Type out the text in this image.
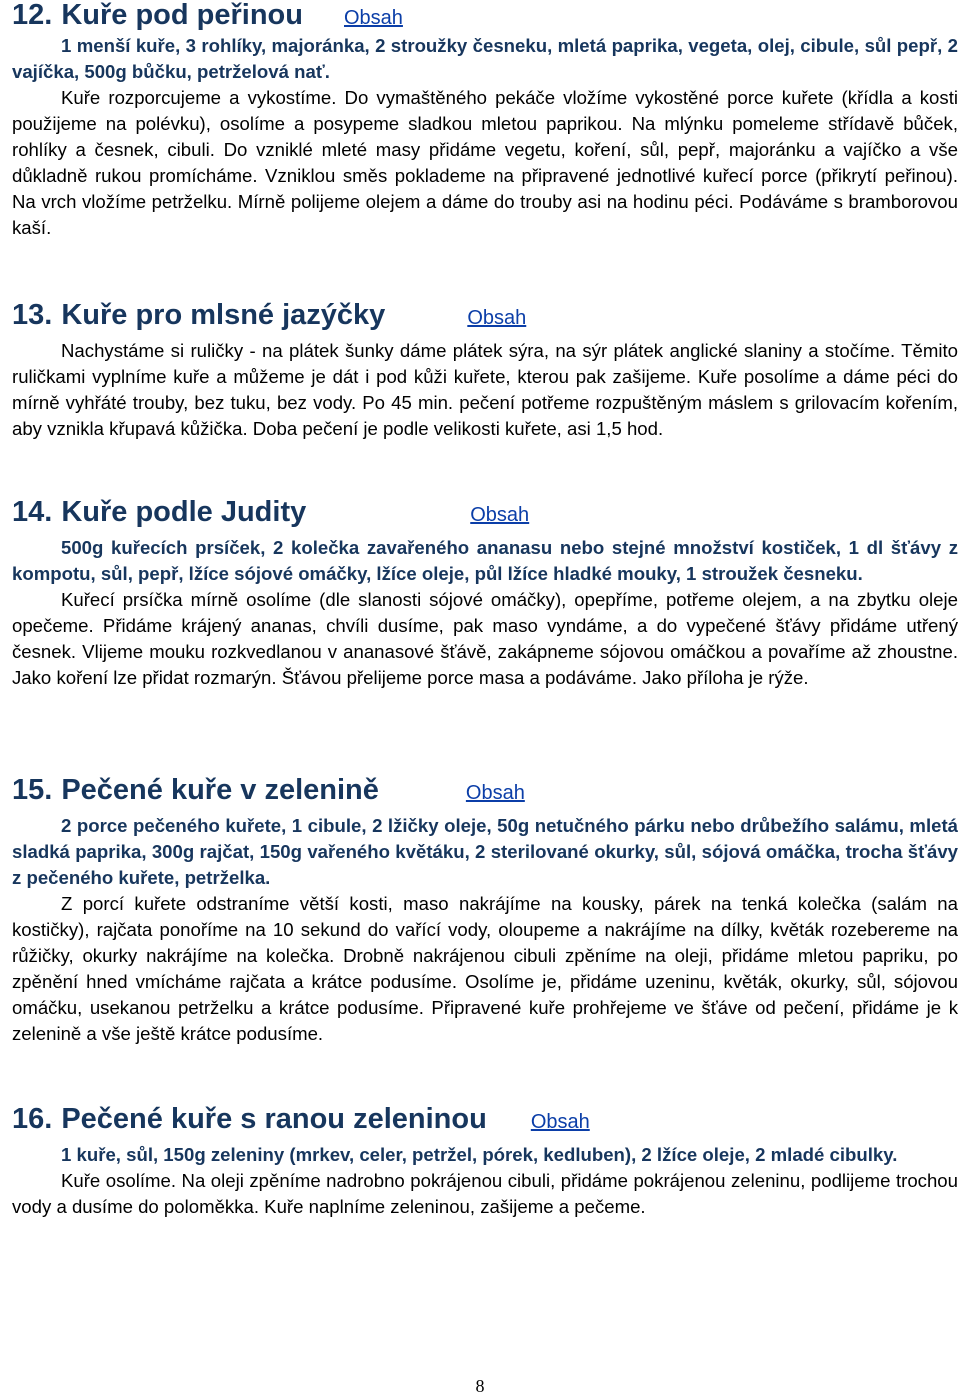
12. Kuře pod peřinou Obsah

1 menší kuře, 3 rohlíky, majoránka, 2 stroužky česneku, mletá paprika, vegeta, olej, cibule, sůl pepř, 2 vajíčka, 500g bůčku, petrželová nať.

Kuře rozporcujeme a vykostíme. Do vymaštěného pekáče vložíme vykostěné porce kuřete (křídla a kosti použijeme na polévku), osolíme a posypeme sladkou mletou paprikou. Na mlýnku pomeleme střídavě bůček, rohlíky a česnek, cibuli. Do vzniklé mleté masy přidáme vegetu, koření, sůl, pepř, majoránku a vajíčko a vše důkladně rukou promícháme. Vzniklou směs poklademe na připravené jednotlivé kuřecí porce (přikrytí peřinou). Na vrch vložíme petrželku. Mírně polijeme olejem a dáme do trouby asi na hodinu péci. Podáváme s bramborovou kaší.

13. Kuře pro mlsné jazýčky	Obsah

Nachystáme si ruličky - na plátek šunky dáme plátek sýra, na sýr plátek anglické slaniny a stočíme. Těmito ruličkami vyplníme kuře a můžeme je dát i pod kůži kuřete, kterou pak zašijeme. Kuře posolíme a dáme péci do mírně vyhřáté trouby, bez tuku, bez vody. Po 45 min. pečení potřeme rozpuštěným máslem s grilovacím kořením, aby vznikla křupavá kůžička. Doba pečení je podle velikosti kuřete, asi 1,5 hod.

14. Kuře podle Judity	Obsah

500g kuřecích prsíček, 2 kolečka zavařeného ananasu nebo stejné množství kostiček, 1 dl šťávy z kompotu, sůl, pepř, lžíce sójové omáčky, lžíce oleje, půl lžíce hladké mouky, 1 stroužek česneku.

Kuřecí prsíčka mírně osolíme (dle slanosti sójové omáčky), opepříme, potřeme olejem, a na zbytku oleje opečeme. Přidáme krájený ananas, chvíli dusíme, pak maso vyndáme, a do vypečené šťávy přidáme utřený česnek. Vlijeme mouku rozkvedlanou v ananasové šťávě, zakápneme sójovou omáčkou a povaříme až zhoustne. Jako koření lze přidat rozmarýn. Šťávou přelijeme porce masa a podáváme. Jako příloha je rýže.

15. Pečené kuře v zelenině	Obsah

2 porce pečeného kuřete, 1 cibule, 2 lžičky oleje, 50g netučného párku nebo drůbežího salámu, mletá sladká paprika, 300g rajčat, 150g vařeného květáku, 2 sterilované okurky, sůl, sójová omáčka, trocha šťávy z pečeného kuřete, petrželka.

Z porcí kuřete odstraníme větší kosti, maso nakrájíme na kousky, párek na tenká kolečka (salám na kostičky), rajčata ponoříme na 10 sekund do vařící vody, oloupeme a nakrájíme na dílky, květák rozebereme na růžičky, okurky nakrájíme na kolečka. Drobně nakrájenou cibuli zpěníme na oleji, přidáme mletou papriku, po zpěnění hned vmícháme rajčata a krátce podusíme. Osolíme je, přidáme uzeninu, květák, okurky, sůl, sójovou omáčku, usekanou petrželku a krátce podusíme. Připravené kuře prohřejeme ve šťáve od pečení, přidáme je k zelenině a vše ještě krátce podusíme.

16. Pečené kuře s ranou zeleninou Obsah

1 kuře, sůl, 150g zeleniny (mrkev, celer, petržel, pórek, kedluben), 2 lžíce oleje, 2 mladé cibulky.

Kuře osolíme. Na oleji zpěníme nadrobno pokrájenou cibuli, přidáme pokrájenou zeleninu, podlijeme trochou vody a dusíme do poloměkka. Kuře naplníme zeleninou, zašijeme a pečeme.

8
